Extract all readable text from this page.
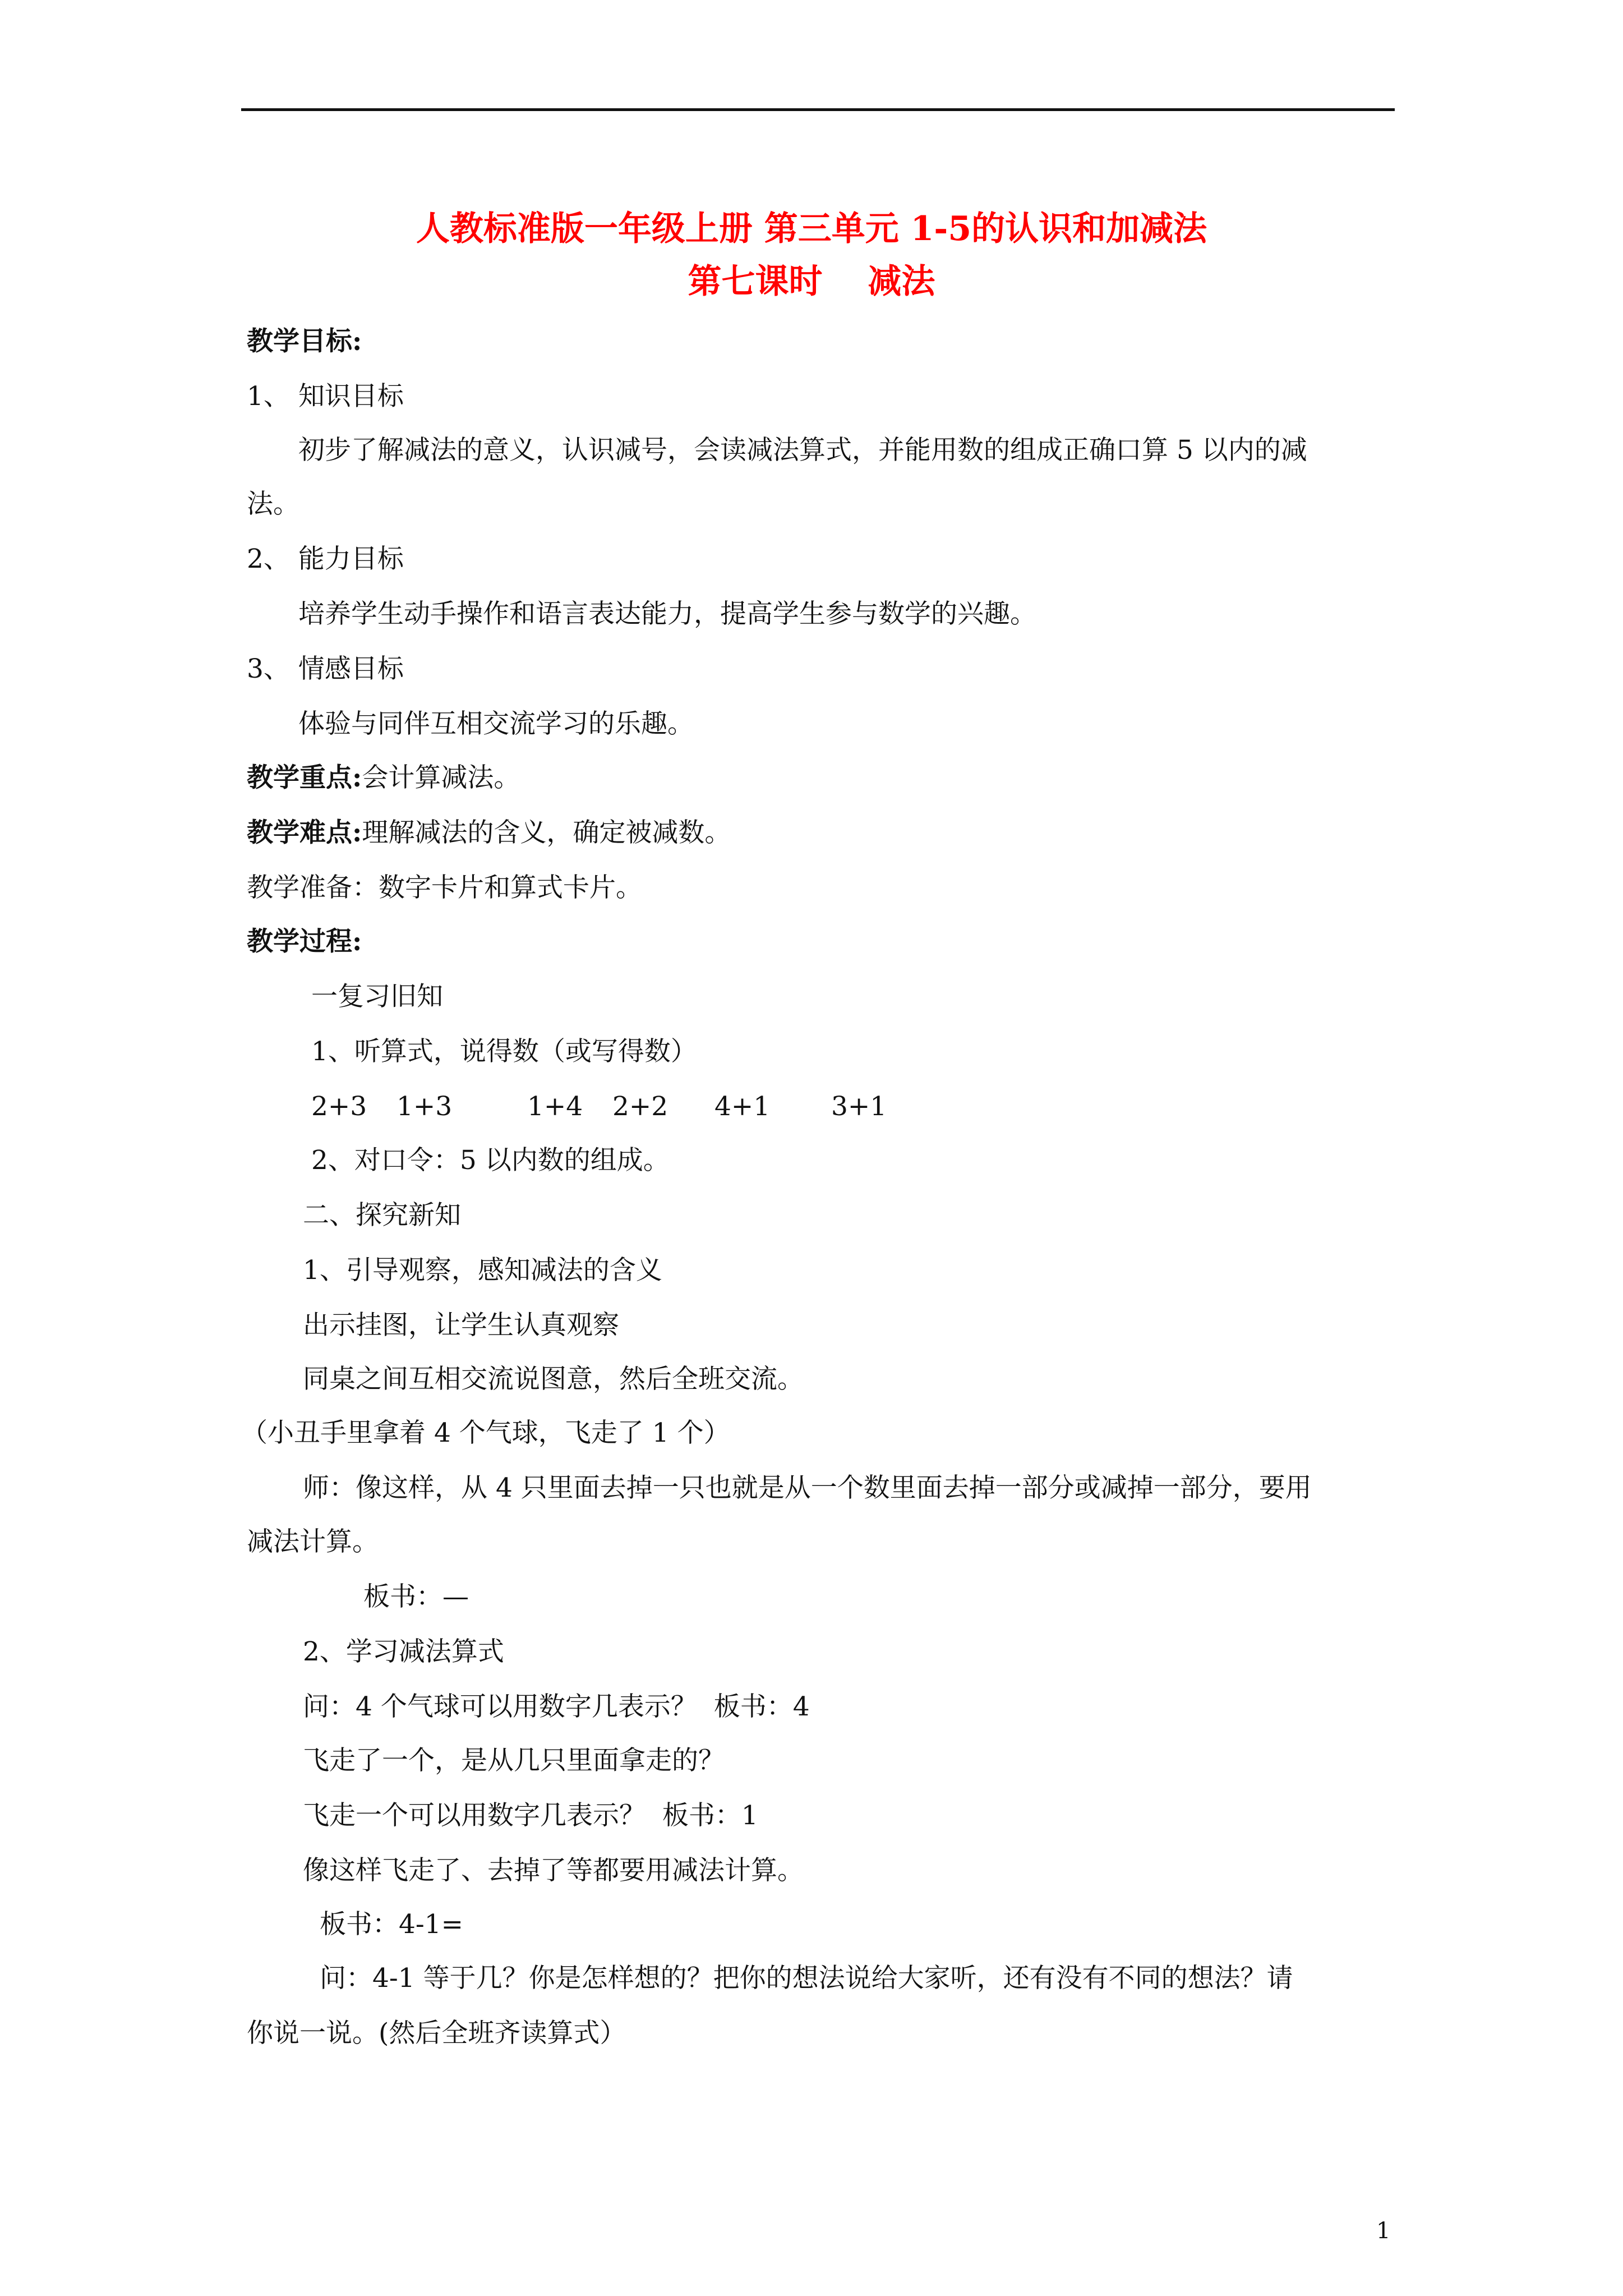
人教标准版一年级上册 第三单元 1-5的认识和加减法
第七课时　 减法
教学目标:
1、 知识目标
初步了解减法的意义，认识减号，会读减法算式，并能用数的组成正确口算 5 以内的减
法。
2、 能力目标
培养学生动手操作和语言表达能力，提高学生参与数学的兴趣。
3、 情感目标
体验与同伴互相交流学习的乐趣。
教学重点:会计算减法。
教学难点:理解减法的含义，确定被减数。
教学准备：数字卡片和算式卡片。
教学过程:
一复习旧知
1、听算式，说得数（或写得数）
2+3 1+3	1+4 2+2 4+1 3+1
2、对口令：5 以内数的组成。
二、探究新知
1、引导观察，感知减法的含义
出示挂图，让学生认真观察
同桌之间互相交流说图意，然后全班交流。
（小丑手里拿着 4 个气球，飞走了 1 个）
师：像这样，从 4 只里面去掉一只也就是从一个数里面去掉一部分或减掉一部分，要用
减法计算。
板书：—
2、学习减法算式
问：4 个气球可以用数字几表示？  板书：4
飞走了一个，是从几只里面拿走的？
飞走一个可以用数字几表示？  板书：1
像这样飞走了、去掉了等都要用减法计算。
板书：4-1=
问：4-1 等于几？你是怎样想的？把你的想法说给大家听，还有没有不同的想法？请
你说一说。(然后全班齐读算式）
1
